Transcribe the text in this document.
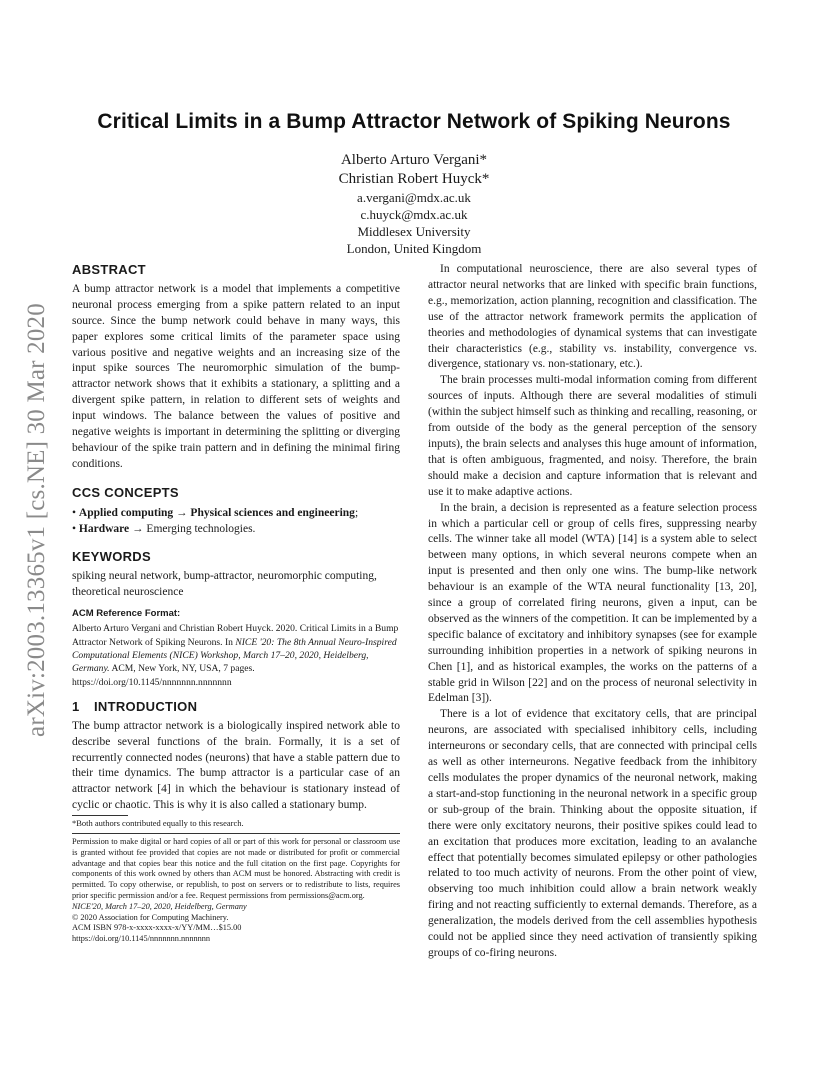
arXiv:2003.13365v1 [cs.NE] 30 Mar 2020
Critical Limits in a Bump Attractor Network of Spiking Neurons
Alberto Arturo Vergani*
Christian Robert Huyck*
a.vergani@mdx.ac.uk
c.huyck@mdx.ac.uk
Middlesex University
London, United Kingdom
ABSTRACT

A bump attractor network is a model that implements a competitive neuronal process emerging from a spike pattern related to an input source. Since the bump network could behave in many ways, this paper explores some critical limits of the parameter space using various positive and negative weights and an increasing size of the input spike sources The neuromorphic simulation of the bump-attractor network shows that it exhibits a stationary, a splitting and a divergent spike pattern, in relation to different sets of weights and input windows. The balance between the values of positive and negative weights is important in determining the splitting or diverging behaviour of the spike train pattern and in defining the minimal firing conditions.

CCS CONCEPTS
• Applied computing → Physical sciences and engineering;
• Hardware → Emerging technologies.
KEYWORDS

spiking neural network, bump-attractor, neuromorphic computing, theoretical neuroscience

ACM Reference Format:
Alberto Arturo Vergani and Christian Robert Huyck. 2020. Critical Limits in a Bump Attractor Network of Spiking Neurons. In NICE '20: The 8th Annual Neuro-Inspired Computational Elements (NICE) Workshop, March 17–20, 2020, Heidelberg, Germany. ACM, New York, NY, USA, 7 pages. https://doi.org/10.1145/nnnnnnn.nnnnnnn
1 INTRODUCTION

The bump attractor network is a biologically inspired network able to describe several functions of the brain. Formally, it is a set of recurrently connected nodes (neurons) that have a stable pattern due to their time dynamics. The bump attractor is a particular case of an attractor network [4] in which the behaviour is stationary instead of cyclic or chaotic. This is why it is also called a stationary bump.

*Both authors contributed equally to this research.
Permission to make digital or hard copies of all or part of this work for personal or classroom use is granted without fee provided that copies are not made or distributed for profit or commercial advantage and that copies bear this notice and the full citation on the first page. Copyrights for components of this work owned by others than ACM must be honored. Abstracting with credit is permitted. To copy otherwise, or republish, to post on servers or to redistribute to lists, requires prior specific permission and/or a fee. Request permissions from permissions@acm.org.
NICE'20, March 17–20, 2020, Heidelberg, Germany
© 2020 Association for Computing Machinery.
ACM ISBN 978-x-xxxx-xxxx-x/YY/MM…$15.00
https://doi.org/10.1145/nnnnnnn.nnnnnnn

In computational neuroscience, there are also several types of attractor neural networks that are linked with specific brain functions, e.g., memorization, action planning, recognition and classification. The use of the attractor network framework permits the application of theories and methodologies of dynamical systems that can investigate their characteristics (e.g., stability vs. instability, convergence vs. divergence, stationary vs. non-stationary, etc.).

The brain processes multi-modal information coming from different sources of inputs. Although there are several modalities of stimuli (within the subject himself such as thinking and recalling, reasoning, or from outside of the body as the general perception of the sensory inputs), the brain selects and analyses this huge amount of information, that is often ambiguous, fragmented, and noisy. Therefore, the brain should make a decision and capture information that is relevant and use it to make adaptive actions.

In the brain, a decision is represented as a feature selection process in which a particular cell or group of cells fires, suppressing nearby cells. The winner take all model (WTA) [14] is a system able to select between many options, in which several neurons compete when an input is presented and then only one wins. The bump-like network behaviour is an example of the WTA neural functionality [13, 20], since a group of correlated firing neurons, given a input, can be observed as the winners of the competition. It can be implemented by a specific balance of excitatory and inhibitory synapses (see for example surrounding inhibition properties in a network of spiking neurons in Chen [1], and as historical examples, the works on the patterns of a stable grid in Wilson [22] and on the process of neuronal selectivity in Edelman [3]).

There is a lot of evidence that excitatory cells, that are principal neurons, are associated with specialised inhibitory cells, including interneurons or secondary cells, that are connected with principal cells as well as other interneurons. Negative feedback from the inhibitory cells modulates the proper dynamics of the neuronal network, making a start-and-stop functioning in the neuronal network in a specific group or sub-group of the brain. Thinking about the opposite situation, if there were only excitatory neurons, their positive spikes could lead to an excitation that produces more excitation, leading to an avalanche effect that potentially becomes simulated epilepsy or other pathologies related to too much activity of neurons. From the other point of view, observing too much inhibition could allow a brain network weakly firing and not reacting sufficiently to external demands. Therefore, as a generalization, the models derived from the cell assemblies hypothesis could not be applied since they need activation of transiently spiking groups of co-firing neurons.
